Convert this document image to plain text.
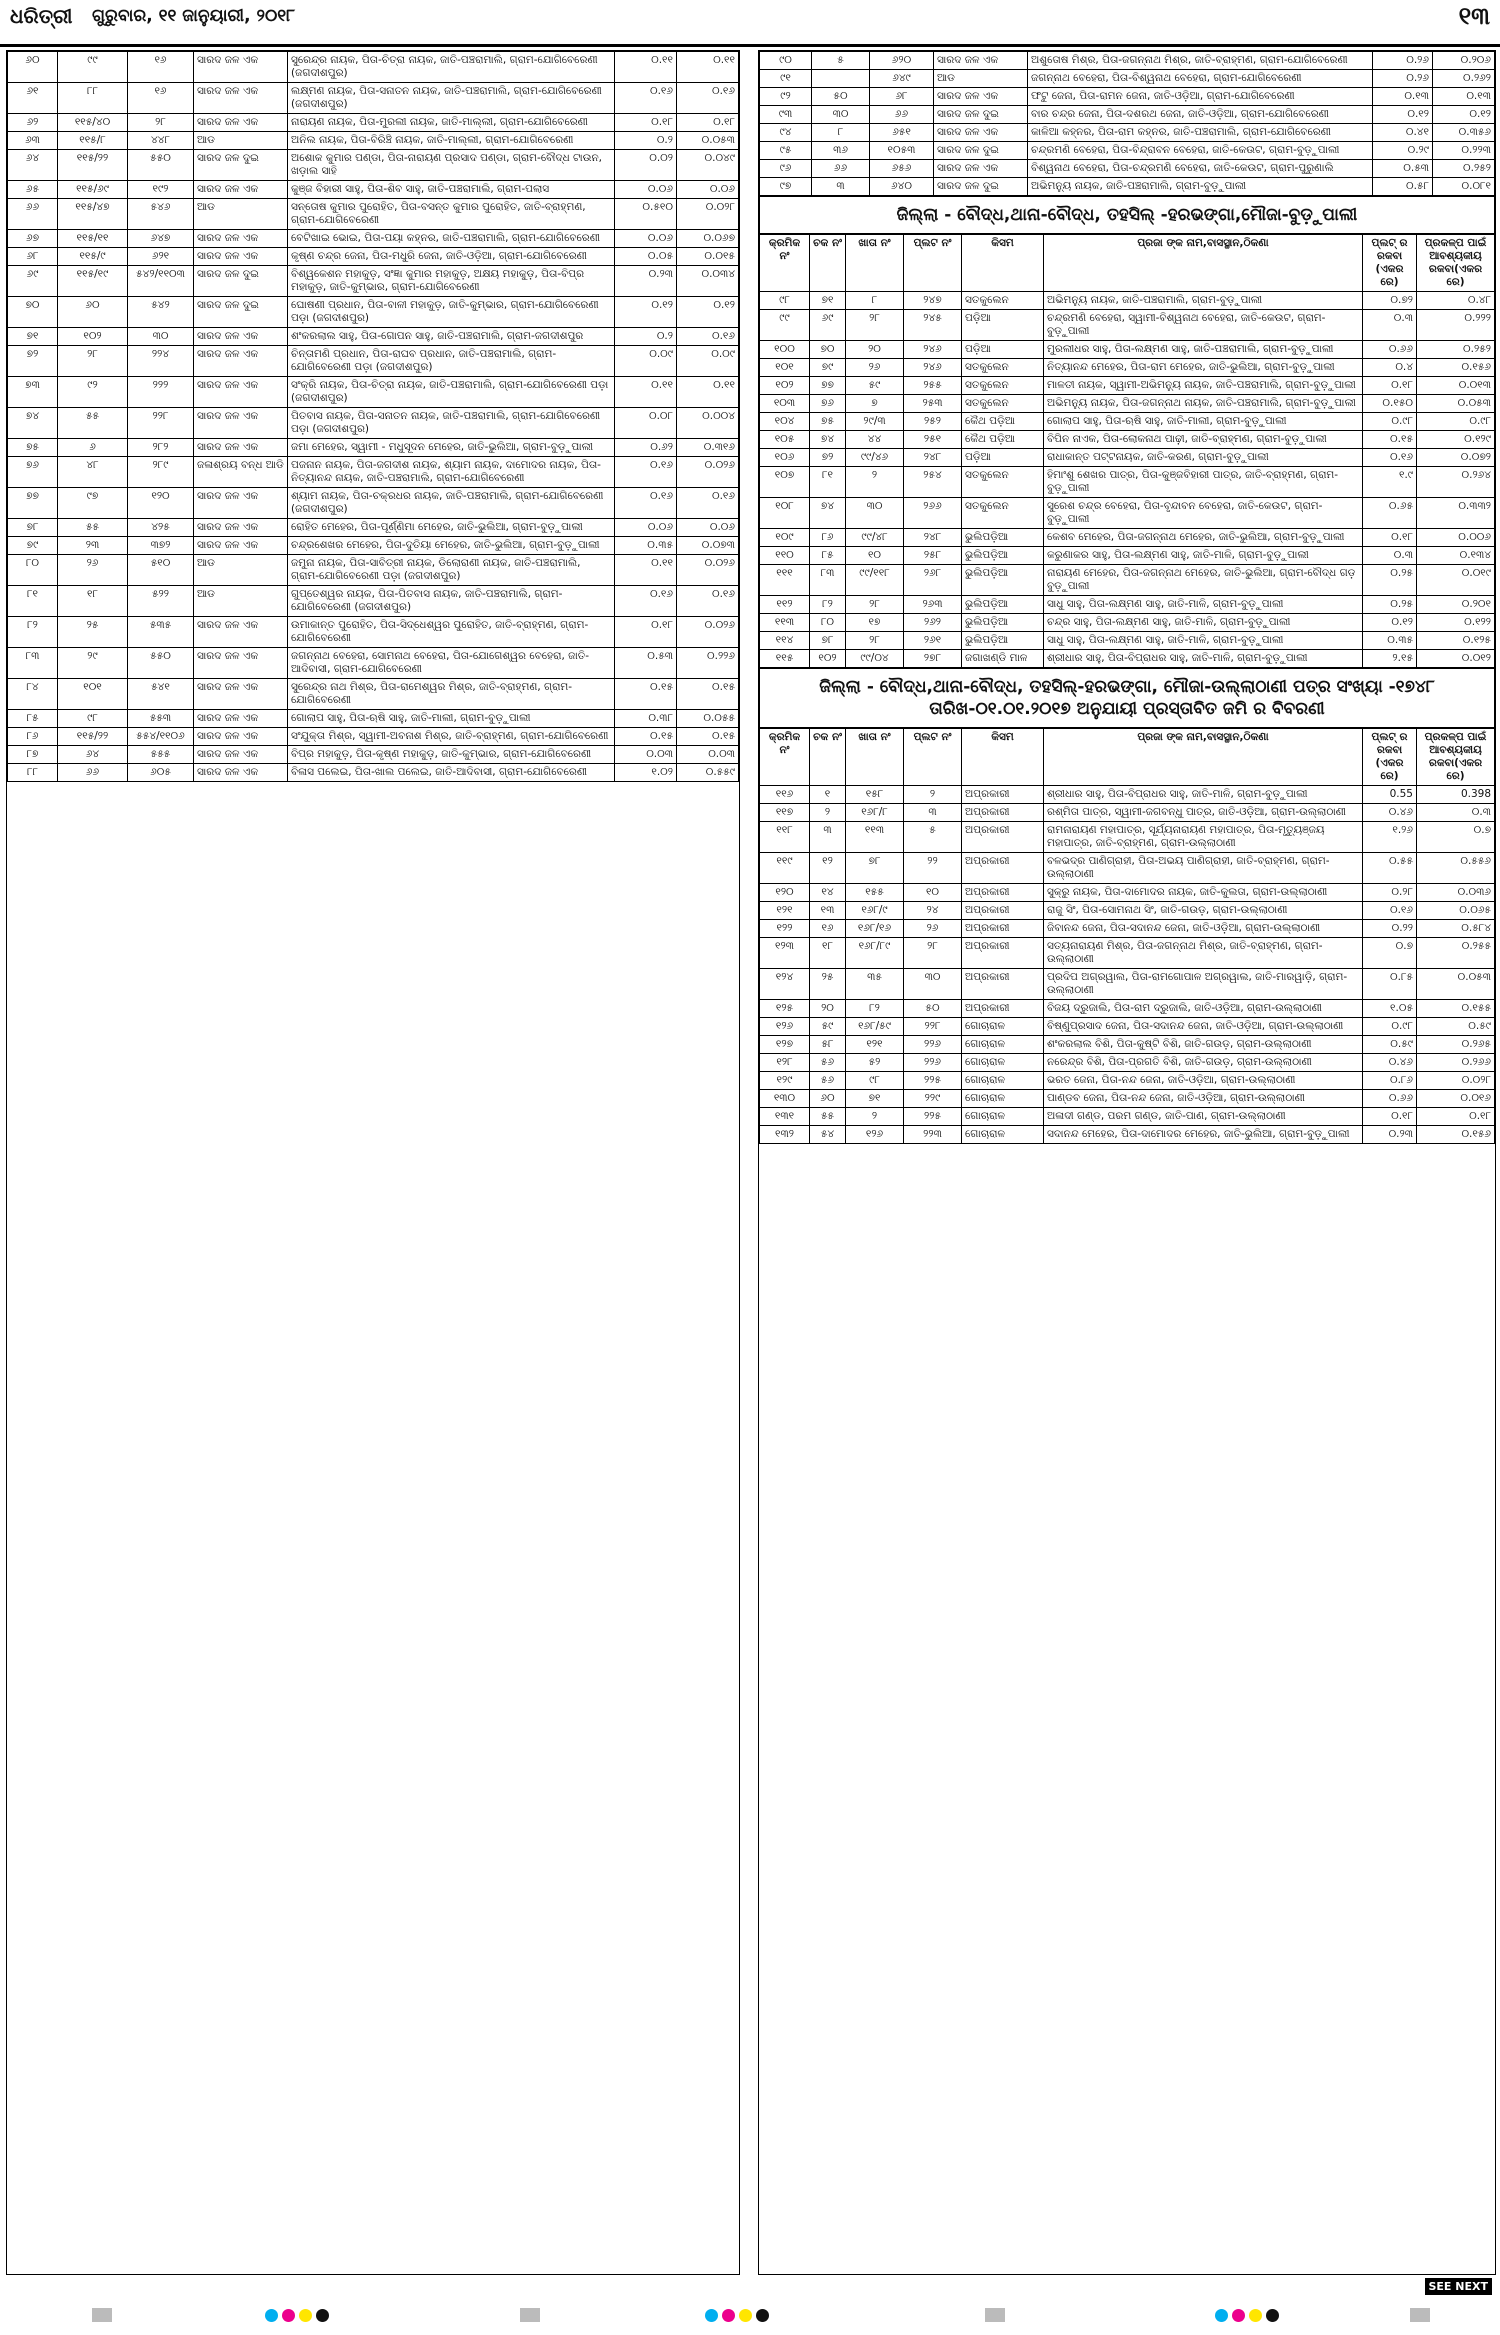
ଧରିତ୍ରୀ ଗୁରୁବାର, ୧୧ ଜାନୁୟାରୀ, ୨୦୧୮	୧୩
୬୦	୯୯	୧୬	ସାରଦ ଜଳ ଏକ	ସୁରେନ୍ଦ୍ର ନାୟକ, ପିତା-ଚିତ୍ରା ନାୟକ, ଜାତି-ପଞ୍ଚରାମାଲି, ଗ୍ରାମ-ଯୋଗିବେରେଣୀ (ଜଗଦୀଶପୁର)	୦.୧୧	୦.୧୧
୬୧	୮୮	୧୬	ସାରଦ ଜଳ ଏକ	ଲକ୍ଷ୍ମଣ ନାୟକ, ପିତା-ସନାତନ ନାୟକ, ଜାତି-ପଞ୍ଚରାମାଲି, ଗ୍ରାମ-ଯୋଗିବେରେଣୀ (ଜଗଦୀଶପୁର)	୦.୧୬	୦.୧୬
୬୨	୧୧୫/୪୦	୨୮	ସାରଦ ଜଳ ଏକ	ନାରାୟଣ ନାୟକ, ପିତା-ମୁରଲୀ ନାୟକ, ଜାତି-ମାଲ୍ଲୀ, ଗ୍ରାମ-ଯୋଗିବେରେଣୀ	୦.୧୮	୦.୧୮
୬୩	୧୧୫/୮	୪୪୮	ଆଡ	ଅନିଲ ନାୟକ, ପିତା-ବିରିଞ୍ଚି ନାୟକ, ଜାତି-ମାଲ୍ଲୀ, ଗ୍ରାମ-ଯୋଗିବେରେଣୀ	୦.୨	୦.୦୫୩
୬୪	୧୧୫/୨୨	୫୫୦	ସାରଦ ଜଳ ଦୁଇ	ଅଶୋକ କୁମାର ପଣ୍ଡା, ପିତା-ନାରାୟଣ ପ୍ରସାଦ ପଣ୍ଡା, ଗ୍ରାମ-ବୌଦ୍ଧ ଟାଉନ, ଖଡ଼ାଲ ସାହି	୦.୦୨	୦.୦୪୯
୬୫	୧୧୫/୬୯	୧୯୨	ସାରଦ ଜଳ ଏକ	କୁଞ୍ଜ ବିହାରୀ ସାହୁ, ପିତା-ଶିବ ସାହୁ, ଜାତି-ପଞ୍ଚରାମାଲି, ଗ୍ରାମ-ପଲାସ	୦.୦୬	୦.୦୬
୬୬	୧୧୫/୪୭	୫୪୬	ଆଡ	ସନ୍ତୋଷ କୁମାର ପୁରୋହିତ, ପିତା-ବସନ୍ତ କୁମାର ପୁରୋହିତ, ଜାତି-ବ୍ରାହ୍ମଣ, ଗ୍ରାମ-ଯୋଗିବେରେଣୀ	୦.୫୧୦	୦.୦୨୮
୬୭	୧୧୫/୧୧	୬୪୭	ସାରଦ ଜଳ ଏକ	ବେଟିଖାଇ ଭୋଇ, ପିତା-ପୟା କହ୍ନର, ଜାତି-ପଞ୍ଚରାମାଲି, ଗ୍ରାମ-ଯୋଗିବେରେଣୀ	୦.୦୬	୦.୦୬୭
୬୮	୧୧୫/୯	୬୨୧	ସାରଦ ଜଳ ଏକ	କୃଷ୍ଣ ଚନ୍ଦ୍ର ଜେନା, ପିତା-ମଧୁରି ଜେନା, ଜାତି-ଓଡ଼ିଆ, ଗ୍ରାମ-ଯୋଗିବେରେଣୀ	୦.୦୫	୦.୦୧୫
୬୯	୧୧୫/୧୯	୫୪୨/୧୧୦୩	ସାରଦ ଜଳ ଦୁଇ	ବିଶ୍ୱକେଶନ ମହାକୁଡ଼, ସଂଜ୍ଞା କୁମାର ମହାକୁଡ଼, ଅକ୍ଷୟ ମହାକୁଡ଼, ପିତା-ବିପ୍ର ମହାକୁଡ଼, ଜାତି-କୁମ୍ଭାର, ଗ୍ରାମ-ଯୋଗିବେରେଣୀ	୦.୨୩	୦.୦୩୪
୭୦	୬୦	୫୪୨	ସାରଦ ଜଳ ଦୁଇ	ଘୋଷଣୀ ପ୍ରଧାନ, ପିତା-ବାଳୀ ମହାକୁଡ଼, ଜାତି-କୁମ୍ଭାର, ଗ୍ରାମ-ଯୋଗିବେରେଣୀ ପଡ଼ା (ଜଗଦୀଶପୁର)	୦.୧୨	୦.୧୨
୭୧	୧୦୨	୩୦	ସାରଦ ଜଳ ଏକ	ଶଂକରଲାଲ ସାହୁ, ପିତା-ଗୋପନ ସାହୁ, ଜାତି-ପଞ୍ଚରାମାଲି, ଗ୍ରାମ-ଜଗଦୀଶପୁର	୦.୨	୦.୧୬
୭୨	୨୮	୨୨୪	ସାରଦ ଜଳ ଏକ	ଚିନ୍ତାମଣି ପ୍ରଧାନ, ପିତା-ରାଘବ ପ୍ରଧାନ, ଜାତି-ପଞ୍ଚରାମାଲି, ଗ୍ରାମ-ଯୋଗିବେରେଣୀ ପଡ଼ା (ଜଗଦୀଶପୁର)	୦.୦୯	୦.୦୯
୭୩	୯୨	୨୨୨	ସାରଦ ଜଳ ଏକ	ସଂକ୍ରି ନାୟକ, ପିତା-ଚିତ୍ରା ନାୟକ, ଜାତି-ପଞ୍ଚରାମାଲି, ଗ୍ରାମ-ଯୋଗିବେରେଣୀ ପଡ଼ା (ଜଗଦୀଶପୁର)	୦.୧୧	୦.୧୧
୭୪	୫୫	୨୨୮	ସାରଦ ଜଳ ଏକ	ପିତବାସ ନାୟକ, ପିତା-ସନାତନ ନାୟକ, ଜାତି-ପଞ୍ଚରାମାଲି, ଗ୍ରାମ-ଯୋଗିବେରେଣୀ ପଡ଼ା (ଜଗଦୀଶପୁର)	୦.୦୮	୦.୦୦୪
୭୫	୬	୨୮୨	ସାରଦ ଜଳ ଏକ	ଜମା ମେହେର, ସ୍ୱାମୀ - ମଧୁସୂଦନ ମେହେର, ଜାତି-ଭୁଲିଆ, ଗ୍ରାମ-ବୁଡ଼ୁପାଲୀ	୦.୬୨	୦.୩୧୬
୭୬	୪୮	୨୮୯	ଜଳାଶ୍ରୟ ବନ୍ଧ ଆଡି	ପଜନାନ ନାୟକ, ପିତା-ଜଗଦୀଶ ନାୟକ, ଶ୍ୟାମ ନାୟକ, ଦାମୋଦର ନାୟକ, ପିତା-ନିତ୍ୟାନନ୍ଦ ନାୟକ, ଜାତି-ପଞ୍ଚରାମାଲି, ଗ୍ରାମ-ଯୋଗିବେରେଣୀ	୦.୧୬	୦.୦୨୬
୭୭	୯୭	୧୨୦	ସାରଦ ଜଳ ଏକ	ଶ୍ୟାମ ନାୟକ, ପିତା-ଚକ୍ରଧର ନାୟକ, ଜାତି-ପଞ୍ଚରାମାଲି, ଗ୍ରାମ-ଯୋଗିବେରେଣୀ (ଜଗଦୀଶପୁର)	୦.୧୬	୦.୧୬
୭୮	୫୫	୪୨୫	ସାରଦ ଜଳ ଏକ	ରୋହିତ ମେହେର, ପିତା-ପୂର୍ଣ୍ଣିମା ମେହେର, ଜାତି-ଭୁଲିଆ, ଗ୍ରାମ-ବୁଡ଼ୁପାଲୀ	୦.୦୬	୦.୦୬
୭୯	୨୩	୩୭୨	ସାରଦ ଜଳ ଏକ	ଚନ୍ଦ୍ରଶେଖର ମେହେର, ପିତା-ଦୁତିୟା ମେହେର, ଜାତି-ଭୁଲିଆ, ଗ୍ରାମ-ବୁଡ଼ୁପାଲୀ	୦.୩୫	୦.୦୭୩
୮୦	୨୬	୫୧୦	ଆଡ	ଜମୁନା ନାୟକ, ପିତା-ସାବିତ୍ରୀ ନାୟକ, ଡିଲୋରାଣୀ ନାୟକ, ଜାତି-ପଞ୍ଚରାମାଲି, ଗ୍ରାମ-ଯୋଗିବେରେଣୀ ପଡ଼ା (ଜଗଦୀଶପୁର)	୦.୧୧	୦.୦୨୬
୮୧	୧୮	୫୨୨	ଆଡ	ଗୁପ୍ତେଶ୍ୱର ନାୟକ, ପିତା-ପିତବାସ ନାୟକ, ଜାତି-ପଞ୍ଚରାମାଲି, ଗ୍ରାମ-ଯୋଗିବେରେଣୀ (ଜଗଦୀଶପୁର)	୦.୧୬	୦.୧୬
୮୨	୨୫	୫୩୫	ସାରଦ ଜଳ ଏକ	ଉମାକାନ୍ତ ପୁରୋହିତ, ପିତା-ସିଦ୍ଧେଶ୍ୱର ପୁରୋହିତ, ଜାତି-ବ୍ରାହ୍ମଣ, ଗ୍ରାମ-ଯୋଗିବେରେଣୀ	୦.୧୮	୦.୦୨୬
୮୩	୨୯	୫୫୦	ସାରଦ ଜଳ ଏକ	ଜଗନ୍ନାଥ ବେହେରା, ସୋମନାଥ ବେହେରା, ପିତା-ଯୋଗେଶ୍ୱର ବେହେରା, ଜାତି-ଆଦିବାସୀ, ଗ୍ରାମ-ଯୋଗିବେରେଣୀ	୦.୫୩	୦.୨୨୬
୮୪	୧୦୧	୫୪୧	ସାରଦ ଜଳ ଏକ	ସୁରେନ୍ଦ୍ର ନାଥ ମିଶ୍ର, ପିତା-ରାମେଶ୍ୱର ମିଶ୍ର, ଜାତି-ବ୍ରାହ୍ମଣ, ଗ୍ରାମ-ଯୋଗିବେରେଣୀ	୦.୧୫	୦.୧୫
୮୫	୯୮	୫୫୩	ସାରଦ ଜଳ ଏକ	ଗୋଲାପ ସାହୁ, ପିତା-ଋଷି ସାହୁ, ଜାତି-ମାଲୀ, ଗ୍ରାମ-ବୁଡ଼ୁପାଲୀ	୦.୩୮	୦.୦୫୫
୮୬	୧୧୫/୨୨	୫୫୪/୧୧୦୬	ସାରଦ ଜଳ ଏକ	ସଂଯୁକ୍ତା ମିଶ୍ର, ସ୍ୱାମୀ-ଅବନାଶ ମିଶ୍ର, ଜାତି-ବ୍ରାହ୍ମଣ, ଗ୍ରାମ-ଯୋଗିବେରେଣୀ	୦.୧୫	୦.୧୫
୮୭	୬୪	୫୫୫	ସାରଦ ଜଳ ଏକ	ବିପ୍ର ମହାକୁଡ଼, ପିତା-କୃଷ୍ଣ ମହାକୁଡ଼, ଜାତି-କୁମ୍ଭାର, ଗ୍ରାମ-ଯୋଗିବେରେଣୀ	୦.୦୩	୦.୦୩
୮୮	୬୬	୬୦୫	ସାରଦ ଜଳ ଏକ	ବିଳାସ ପଲେଇ, ପିତା-ଖାଲ ପଲେଇ, ଜାତି-ଆଦିବାସୀ, ଗ୍ରାମ-ଯୋଗିବେରେଣୀ	୧.୦୨	୦.୫୫୯
୯୦	୫	୬୨୦	ସାରଦ ଜଳ ଏକ	ଅଶୁତୋଷ ମିଶ୍ର, ପିତା-ଜଗନ୍ନାଥ ମିଶ୍ର, ଜାତି-ବ୍ରାହ୍ମଣ, ଗ୍ରାମ-ଯୋଗିବେରେଣୀ	୦.୨୬	୦.୨୦୬
୯୧		୬୪୯	ଆଡ	ଜଗନ୍ନାଥ ବେହେରା, ପିତା-ବିଶ୍ୱନାଥ ବେହେରା, ଗ୍ରାମ-ଯୋଗିବେରେଣୀ	୦.୨୬	୦.୨୬୨
୯୨	୫୦	୬୮	ସାରଦ ଜଳ ଏକ	ଫଟୁ ଜେନା, ପିତା-ରାମନ ଜେନା, ଜାତି-ଓଡ଼ିଆ, ଗ୍ରାମ-ଯୋଗିବେରେଣୀ	୦.୧୩	୦.୧୩
୯୩	୩୦	୬୬	ସାରଦ ଜଳ ଦୁଇ	ବାର ଚନ୍ଦ୍ର ଜେନା, ପିତା-ଦଶରଥ ଜେନା, ଜାତି-ଓଡ଼ିଆ, ଗ୍ରାମ-ଯୋଗିବେରେଣୀ	୦.୧୨	୦.୧୨
୯୪	୮	୬୫୧	ସାରଦ ଜଳ ଏକ	କାଳିଆ କହ୍ନର, ପିତା-ରାମ କହ୍ନର, ଜାତି-ପଞ୍ଚରାମାଲି, ଗ୍ରାମ-ଯୋଗିବେରେଣୀ	୦.୪୧	୦.୩୫୬
୯୫	୩୬	୧୦୫୩	ସାରଦ ଜଳ ଦୁଇ	ଚନ୍ଦ୍ରମଣି ବେହେରା, ପିତା-ବିନ୍ଦ୍ରାବନ ବେହେରା, ଜାତି-କେଉଟ, ଗ୍ରାମ-ବୁଡ଼ୁପାଲୀ	୦.୨୯	୦.୨୨୩
୯୬	୬୬	୬୫୬	ସାରଦ ଜଳ ଏକ	ବିଶ୍ୱନାଥ ବେହେରା, ପିତା-ଚନ୍ଦ୍ରମଣି ବେହେରା, ଜାତି-କେଉଟ, ଗ୍ରାମ-ପୁରୁଣାଲି	୦.୫୩	୦.୨୫୨
୯୭	୩	୬୪୦	ସାରଦ ଜଳ ଦୁଇ	ଅଭିମନ୍ୟୁ ନାୟକ, ଜାତି-ପଞ୍ଚରାମାଲି, ଗ୍ରାମ-ବୁଡ଼ୁପାଲୀ	୦.୫୮	୦.୦୮୧
ଜିଲ୍ଲା - ବୌଦ୍ଧ,ଥାନା-ବୌଦ୍ଧ, ତହସିଲ୍ -ହରଭଙ୍ଗା,ମୌଜା-ବୁଡ଼ୁପାଲୀ
କ୍ରମିକ ନଂ	ଚକ ନଂ	ଖାତା ନଂ	ପ୍ଲଟ ନଂ	କିସମ	ପ୍ରଜା ଙ୍କ ନାମ,ବାସସ୍ଥାନ,ଠିକଣା	ପ୍ଲଟ୍ ର ରକବା (ଏକର ରେ)	ପ୍ରକଳ୍ପ ପାଇଁ ଆବଶ୍ୟକୀୟ ରକବା(ଏକର ରେ)
୯୮	୭୧	୮	୨୪୭	ସତକୁଲେନ	ଅଭିମନ୍ୟୁ ନାୟକ, ଜାତି-ପଞ୍ଚରାମାଲି, ଗ୍ରାମ-ବୁଡ଼ୁପାଲୀ	୦.୭୨	୦.୪୮
୯୯	୬୯	୨୮	୨୪୫	ପଡ଼ିଆ	ଚନ୍ଦ୍ରମଣି ବେହେରା, ସ୍ୱାମୀ-ବିଶ୍ୱନାଥ ବେହେରା, ଜାତି-କେଉଟ, ଗ୍ରାମ-ବୁଡ଼ୁପାଲୀ	୦.୩	୦.୨୨୨
୧୦୦	୭୦	୨୦	୨୪୬	ପଡ଼ିଆ	ମୁରଲୀଧର ସାହୁ, ପିତା-ଲକ୍ଷ୍ମଣ ସାହୁ, ଜାତି-ପଞ୍ଚରାମାଲି, ଗ୍ରାମ-ବୁଡ଼ୁପାଲୀ	୦.୬୬	୦.୨୫୨
୧୦୧	୭୯	୨୬	୨୪୬	ସତକୁଲେନ	ନିତ୍ୟାନନ୍ଦ ମେହେର, ପିତା-ରାମ ମେହେର, ଜାତି-ଭୁଲିଆ, ଗ୍ରାମ-ବୁଡ଼ୁପାଲୀ	୦.୪	୦.୧୫୬
୧୦୨	୭୭	୫୯	୨୫୫	ସତକୁଲେନ	ମାଳତୀ ନାୟକ, ସ୍ୱାମୀ-ଅଭିମନ୍ୟୁ ନାୟକ, ଜାତି-ପଞ୍ଚରାମାଲି, ଗ୍ରାମ-ବୁଡ଼ୁପାଲୀ	୦.୧୮	୦.୦୧୩
୧୦୩	୭୬	୭	୨୫୩	ସତକୁଲେନ	ଅଭିମନ୍ୟୁ ନାୟକ, ପିତା-ଜଗନ୍ନାଥ ନାୟକ, ଜାତି-ପଞ୍ଚରାମାଲି, ଗ୍ରାମ-ବୁଡ଼ୁପାଲୀ	୦.୧୫୦	୦.୦୫୩
୧୦୪	୭୫	୨୯/୩	୨୫୨	କୈଥ ପଡ଼ିଆ	ଗୋଲାପ ସାହୁ, ପିତା-ଋଷି ସାହୁ, ଜାତି-ମାଲୀ, ଗ୍ରାମ-ବୁଡ଼ୁପାଲୀ	୦.୯୮	୦.୯୮
୧୦୫	୭୪	୪୪	୨୫୧	କୈଥ ପଡ଼ିଆ	ବିପିନ ନାଏକ, ପିତା-ଲୋକନାଥ ପାଢ଼ୀ, ଜାତି-ବ୍ରାହ୍ମଣ, ଗ୍ରାମ-ବୁଡ଼ୁପାଲୀ	୦.୧୫	୦.୧୨୯
୧୦୬	୭୨	୯୯/୪୬	୨୪୮	ପଡ଼ିଆ	ରାଧାକାନ୍ତ ପଟ୍ଟନାୟକ, ଜାତି-କରଣ, ଗ୍ରାମ-ବୁଡ଼ୁପାଲୀ	୦.୧୬	୦.୦୭୨
୧୦୭	୮୧	୨	୨୫୪	ସତକୁଲେନ	ହିମାଂଶୁ ଶେଖର ପାତ୍ର, ପିତା-କୁଞ୍ଜବିହାରୀ ପାତ୍ର, ଜାତି-ବ୍ରାହ୍ମଣ, ଗ୍ରାମ-ବୁଡ଼ୁପାଲୀ	୧.୯	୦.୨୬୪
୧୦୮	୭୪	୩୦	୨୬୬	ସତକୁଲେନ	ସୁରେଶ ଚନ୍ଦ୍ର ବେହେରା, ପିତା-ବୃନ୍ଦାବନ ବେହେରା, ଜାତି-କେଉଟ, ଗ୍ରାମ-ବୁଡ଼ୁପାଲୀ	୦.୬୫	୦.୩୩୨
୧୦୯	୮୬	୯୯/୪୮	୨୪୮	ଭୁଲିପଡ଼ିଆ	କେଶବ ମେହେର, ପିତା-ଜଗନ୍ନାଥ ମେହେର, ଜାତି-ଭୁଲିଆ, ଗ୍ରାମ-ବୁଡ଼ୁପାଲୀ	୦.୧୮	୦.୦୦୬
୧୧୦	୮୫	୧୦	୨୫୮	ଭୁଲିପଡ଼ିଆ	କରୁଣାକର ସାହୁ, ପିତା-ଲକ୍ଷ୍ମଣ ସାହୁ, ଜାତି-ମାଳି, ଗ୍ରାମ-ବୁଡ଼ୁପାଲୀ	୦.୩	୦.୧୩୪
୧୧୧	୮୩	୯୯/୧୧୮	୨୬୮	ଭୁଲିପଡ଼ିଆ	ନାରାୟଣ ମେହେର, ପିତା-ଜଗନ୍ନାଥ ମେହେର, ଜାତି-ଭୁଲିଆ, ଗ୍ରାମ-ବୌଦ୍ଧ ଗଡ଼ ବୁଡ଼ୁପାଲୀ	୦.୨୫	୦.୦୧୯
୧୧୨	୮୨	୨୮	୨୬୩	ଭୁଲିପଡ଼ିଆ	ସାଧୁ ସାହୁ, ପିତା-ଲକ୍ଷ୍ମଣ ସାହୁ, ଜାତି-ମାଳି, ଗ୍ରାମ-ବୁଡ଼ୁପାଲୀ	୦.୨୫	୦.୨୦୧
୧୧୩	୮୦	୧୭	୨୬୨	ଭୁଲିପଡ଼ିଆ	ଚନ୍ଦ୍ର ସାହୁ, ପିତା-ଲକ୍ଷ୍ମଣ ସାହୁ, ଜାତି-ମାଳି, ଗ୍ରାମ-ବୁଡ଼ୁପାଲୀ	୦.୧୨	୦.୧୨୨
୧୧୪	୭୮	୨୮	୨୬୧	ଭୁଲିପଡ଼ିଆ	ସାଧୁ ସାହୁ, ପିତା-ଲକ୍ଷ୍ମଣ ସାହୁ, ଜାତି-ମାଳି, ଗ୍ରାମ-ବୁଡ଼ୁପାଲୀ	୦.୩୫	୦.୧୨୫
୧୧୫	୧୦୨	୯୯/୦୪	୨୭୮	ଜଗାଖଣ୍ଡି ମାଳ	ଶ୍ରୀଧାର ସାହୁ, ପିତା-ବିପ୍ରାଧର ସାହୁ, ଜାତି-ମାଳି, ଗ୍ରାମ-ବୁଡ଼ୁପାଲୀ	୨.୧୫	୦.୦୧୨
ଜିଲ୍ଲା - ବୌଦ୍ଧ,ଥାନା-ବୌଦ୍ଧ, ତହସିଲ୍-ହରଭଙ୍ଗା, ମୌଜା-ଉଲ୍ଲାଠାଣୀ ପତ୍ର ସଂଖ୍ୟା -୧୭୪୮ ତାରିଖ-୦୧.୦୧.୨୦୧୭ ଅନୁଯାୟୀ ପ୍ରସ୍ତାବିତ ଜମି ର ବିବରଣୀ
କ୍ରମିକ ନଂ	ଚକ ନଂ	ଖାତା ନଂ	ପ୍ଲଟ ନଂ	କିସମ	ପ୍ରଜା ଙ୍କ ନାମ,ବାସସ୍ଥାନ,ଠିକଣା	ପ୍ଲଟ୍ ର ରକବା (ଏକର ରେ)	ପ୍ରକଳ୍ପ ପାଇଁ ଆବଶ୍ୟକୀୟ ରକବା(ଏକର ରେ)
୧୧୬	୧	୧୫୮	୨	ଅପ୍ରକାରୀ	ଶ୍ରୀଧାର ସାହୁ, ପିତା-ବିପ୍ରାଧର ସାହୁ, ଜାତି-ମାଳି, ଗ୍ରାମ-ବୁଡ଼ୁପାଲୀ	0.55	0.398
୧୧୭	୨	୧୬୮/୮	୩	ଅପ୍ରକାରୀ	ରଶ୍ମିତା ପାତ୍ର, ସ୍ୱାମୀ-ଜଗବନ୍ଧୁ ପାତ୍ର, ଜାତି-ଓଡ଼ିଆ, ଗ୍ରାମ-ଉଲ୍ଲାଠାଣୀ	୦.୪୬	୦.୩
୧୧୮	୩	୧୧୩	୫	ଅପ୍ରକାରୀ	ରାମନାରାୟଣ ମହାପାତ୍ର, ସୂର୍ଯ୍ୟନାରାୟଣ ମହାପାତ୍ର, ପିତା-ମୃତ୍ୟୁଞ୍ଜୟ ମହାପାତ୍ର, ଜାତି-ବ୍ରାହ୍ମଣ, ଗ୍ରାମ-ଉଲ୍ଲାଠାଣୀ	୧.୨୬	୦.୭
୧୧୯	୧୨	୭୮	୨୨	ଅପ୍ରକାରୀ	ବଳଭଦ୍ର ପାଣିଗ୍ରାହୀ, ପିତା-ଅଭୟ ପାଣିଗ୍ରାହୀ, ଜାତି-ବ୍ରାହ୍ମଣ, ଗ୍ରାମ-ଉଲ୍ଲାଠାଣୀ	୦.୫୫	୦.୫୫୬
୧୨୦	୧୪	୧୫୫	୧୦	ଅପ୍ରକାରୀ	ସୁକ୍ରୁ ନାୟକ, ପିତା-ଦାମୋଦର ନାୟକ, ଜାତି-କୁଲତା, ଗ୍ରାମ-ଉଲ୍ଲାଠାଣୀ	୦.୨୮	୦.୦୩୬
୧୨୧	୧୩	୧୬୮/୯	୨୪	ଅପ୍ରକାରୀ	ରାଜୁ ସିଂ, ପିତା-ସୋମନାଥ ସିଂ, ଜାତି-ଗଉଡ଼, ଗ୍ରାମ-ଉଲ୍ଲାଠାଣୀ	୦.୧୬	୦.୦୬୫
୧୨୨	୧୬	୧୬୮/୧୬	୨୬	ଅପ୍ରକାରୀ	ଜିବାନନ୍ଦ ଜେନା, ପିତା-ସଦାନନ୍ଦ ଜେନା, ଜାତି-ଓଡ଼ିଆ, ଗ୍ରାମ-ଉଲ୍ଲାଠାଣୀ	୦.୨୨	୦.୫୮୪
୧୨୩	୧୮	୧୬୮/୮୯	୨୮	ଅପ୍ରକାରୀ	ସତ୍ୟନାରାୟଣ ମିଶ୍ର, ପିତା-ଜଗନ୍ନାଥ ମିଶ୍ର, ଜାତି-ବ୍ରାହ୍ମଣ, ଗ୍ରାମ-ଉଲ୍ଲାଠାଣୀ	୦.୭	୦.୨୫୫
୧୨୪	୨୫	୩୫	୩୦	ଅପ୍ରକାରୀ	ପ୍ରଦିପ ଅଗ୍ରୱାଲ, ପିତା-ରାମଗୋପାଳ ଅଗ୍ରୱାଲ, ଜାତି-ମାରୱାଡ଼ି, ଗ୍ରାମ-ଉଲ୍ଲାଠାଣୀ	୦.୮୫	୦.୦୫୩
୧୨୫	୨୦	୮୨	୫୦	ଅପ୍ରକାରୀ	ବିଜୟ ଦ୍ରୁଜାଲି, ପିତା-ରାମ ଦ୍ରୁଜାଲି, ଜାତି-ଓଡ଼ିଆ, ଗ୍ରାମ-ଉଲ୍ଲାଠାଣୀ	୧.୦୫	୦.୧୫୫
୧୨୬	୫୯	୧୬୮/୫୯	୨୨୮	ଗୋଚାରାଳ	ବିଷ୍ଣୁପ୍ରସାଦ ଜେନା, ପିତା-ସଦାନନ୍ଦ ଜେନା, ଜାତି-ଓଡ଼ିଆ, ଗ୍ରାମ-ଉଲ୍ଲାଠାଣୀ	୦.୯୮	୦.୫୯
୧୨୭	୫୮	୧୨୧	୨୨୬	ଗୋଚାରାଳ	ଶଂକରଲାଲ ବିଶି, ପିତା-କୁଷ୍ଟି ବିଶି, ଜାତି-ଗଉଡ଼, ଗ୍ରାମ-ଉଲ୍ଲାଠାଣୀ	୦.୫୯	୦.୨୬୫
୧୨୮	୫୬	୫୨	୨୨୬	ଗୋଚାରାଳ	ନରେନ୍ଦ୍ର ବିଶି, ପିତା-ପ୍ରଗତି ବିଶି, ଜାତି-ଗଉଡ଼, ଗ୍ରାମ-ଉଲ୍ଲାଠାଣୀ	୦.୪୬	୦.୨୬୬
୧୨୯	୫୬	୯୮	୨୨୫	ଗୋଚାରାଳ	ଭରତ ଜେନା, ପିତା-ନନ୍ଦ ଜେନା, ଜାତି-ଓଡ଼ିଆ, ଗ୍ରାମ-ଉଲ୍ଲାଠାଣୀ	୦.୮୬	୦.୦୨୮
୧୩୦	୬୦	୭୧	୨୨୯	ଗୋଚାରାଳ	ପାଣ୍ଡବ ଜେନା, ପିତା-ନନ୍ଦ ଜେନା, ଜାତି-ଓଡ଼ିଆ, ଗ୍ରାମ-ଉଲ୍ଲାଠାଣୀ	୦.୬୬	୦.୦୧୬
୧୩୧	୫୫	୨	୨୨୫	ଗୋଚାରାଳ	ଅଳାଦୀ ଗଣ୍ଡ, ପରମ ଗଣ୍ଡ, ଜାତି-ପାଣ, ଗ୍ରାମ-ଉଲ୍ଲାଠାଣୀ	୦.୧୮	୦.୧୮
୧୩୨	୫୪	୧୨୬	୨୨୩	ଗୋଚାରାଳ	ସଦାନନ୍ଦ ମେହେର, ପିତା-ଦାମୋଦର ମେହେର, ଜାତି-ଭୁଲିଆ, ଗ୍ରାମ-ବୁଡ଼ୁପାଲୀ	୦.୨୩	୦.୧୫୬
SEE NEXT
